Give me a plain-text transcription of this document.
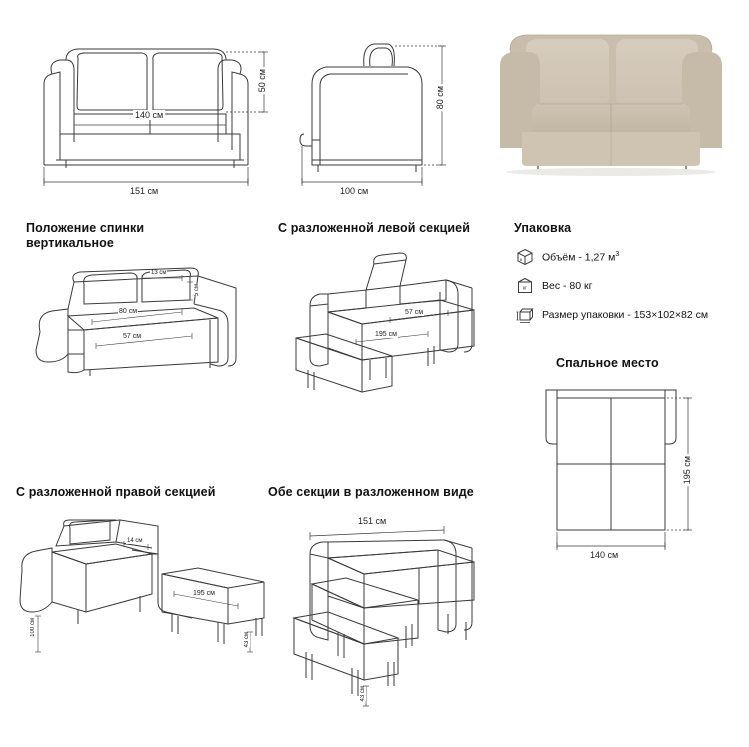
140 см
50 см
151 см
80 см
100 см
Положение спинки
вертикальное
С разложенной левой секцией	Упаковка
13 см
5 см
80 см
57 см
57 см
195 см
Объём - 1,27 $м^3$
кг Вес - 80 кг
Размер упаковки - 153×102×82 см
Спальное место
195 см
140 см
С разложенной правой секцией	Обе секции в разложенном виде
14 см
195 см
100 см
43 см
151 см
43 см
